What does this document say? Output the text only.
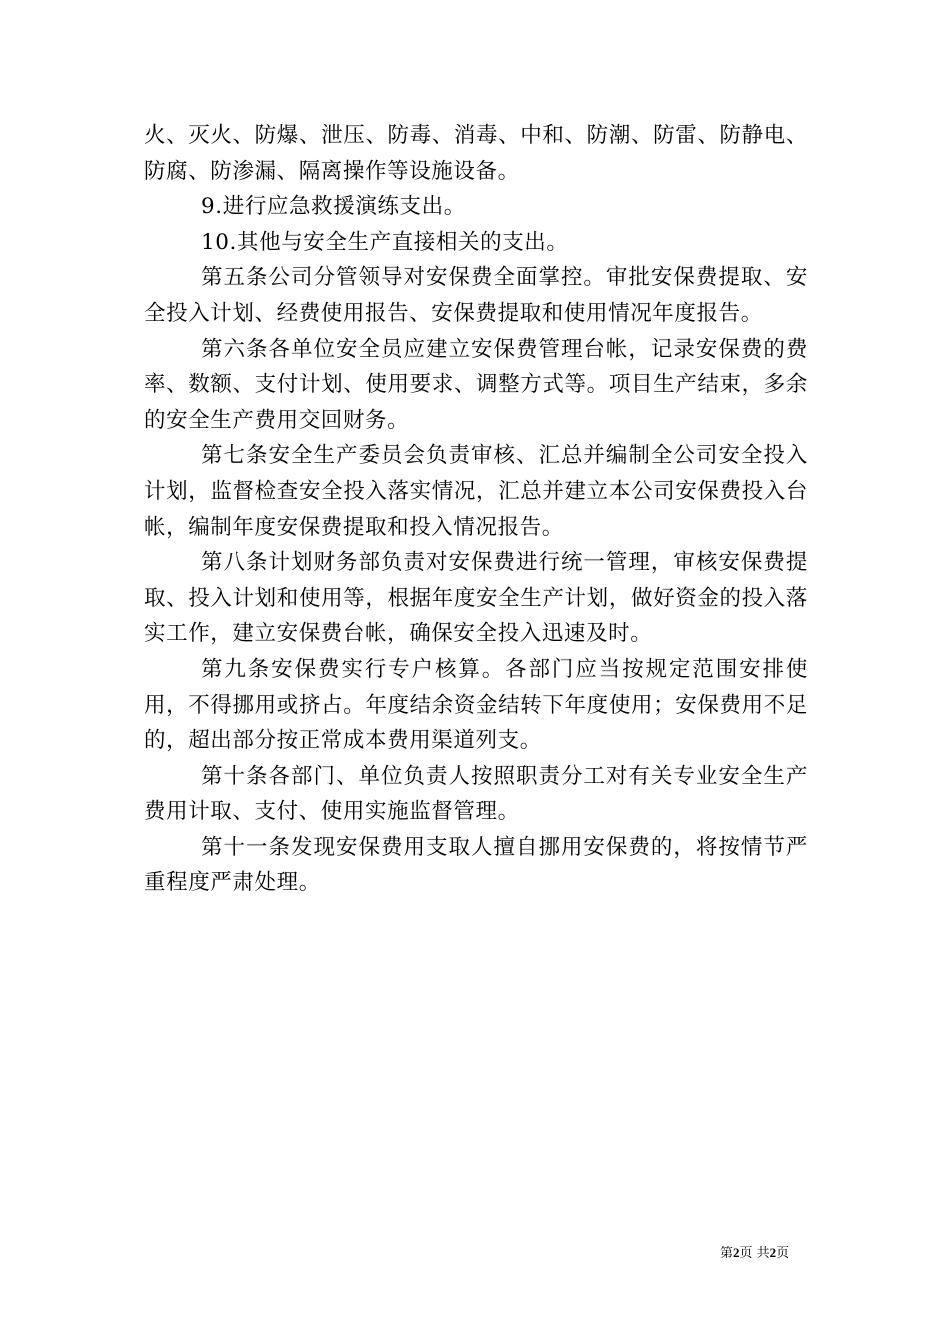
火、灭火、防爆、泄压、防毒、消毒、中和、防潮、防雷、防静电、防腐、防渗漏、隔离操作等设施设备。

9.进行应急救援演练支出。

10.其他与安全生产直接相关的支出。

第五条公司分管领导对安保费全面掌控。审批安保费提取、安全投入计划、经费使用报告、安保费提取和使用情况年度报告。

第六条各单位安全员应建立安保费管理台帐，记录安保费的费率、数额、支付计划、使用要求、调整方式等。项目生产结束，多余的安全生产费用交回财务。

第七条安全生产委员会负责审核、汇总并编制全公司安全投入计划，监督检查安全投入落实情况，汇总并建立本公司安保费投入台帐，编制年度安保费提取和投入情况报告。

第八条计划财务部负责对安保费进行统一管理，审核安保费提取、投入计划和使用等，根据年度安全生产计划，做好资金的投入落实工作，建立安保费台帐，确保安全投入迅速及时。

第九条安保费实行专户核算。各部门应当按规定范围安排使用，不得挪用或挤占。年度结余资金结转下年度使用；安保费用不足的，超出部分按正常成本费用渠道列支。

第十条各部门、单位负责人按照职责分工对有关专业安全生产费用计取、支付、使用实施监督管理。

第十一条发现安保费用支取人擅自挪用安保费的，将按情节严重程度严肃处理。

第2页 共2页
